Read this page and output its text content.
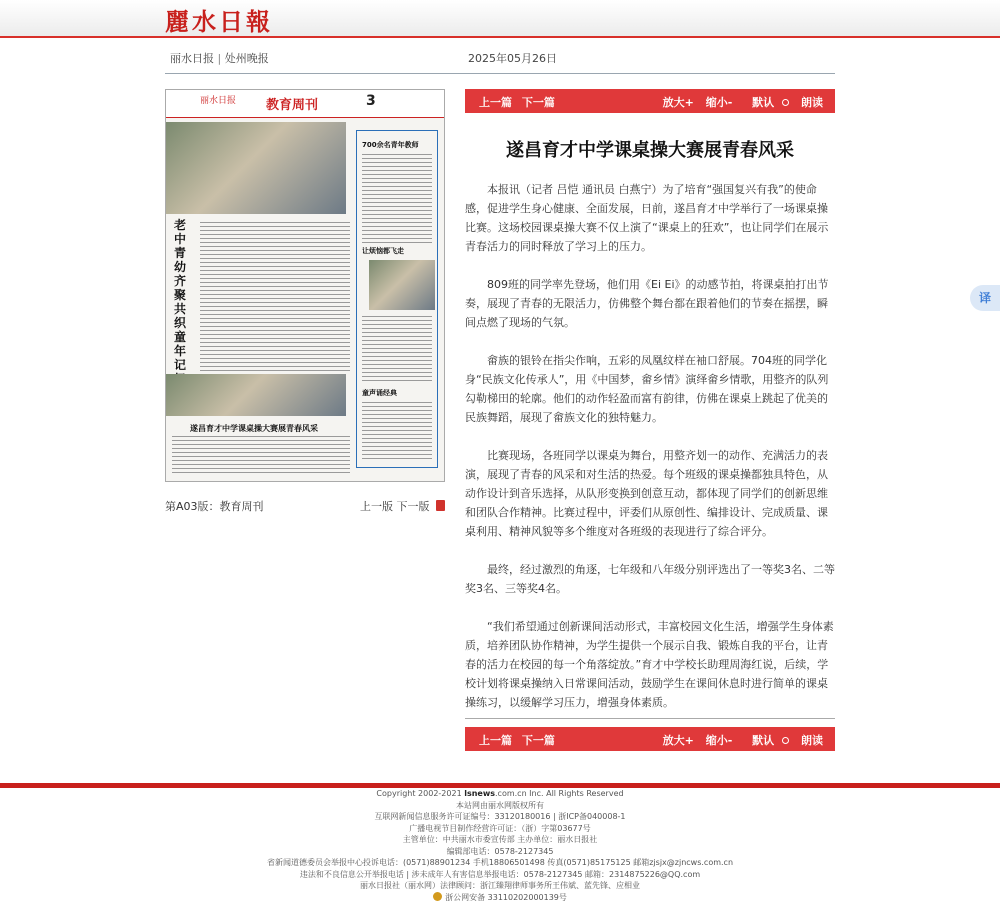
麗水日報
丽水日报 | 处州晚报	2025年05月26日
丽水日报 教育周刊	3
老中青幼齐聚 共织童年记
700余名青年教师
让烦恼都飞走
童声诵经典
遂昌育才中学课桌操大赛展青春风采
第A03版：教育周刊	上一版 下一版
上一篇 下一篇	放大+ 缩小- 默认 朗读
遂昌育才中学课桌操大赛展青春风采

本报讯（记者 吕恺 通讯员 白燕宁）为了培育“强国复兴有我”的使命感，促进学生身心健康、全面发展，日前，遂昌育才中学举行了一场课桌操比赛。这场校园课桌操大赛不仅上演了“课桌上的狂欢”，也让同学们在展示青春活力的同时释放了学习上的压力。

809班的同学率先登场，他们用《Ei Ei》的动感节拍，将课桌拍打出节奏，展现了青春的无限活力，仿佛整个舞台都在跟着他们的节奏在摇摆，瞬间点燃了现场的气氛。

畲族的银铃在指尖作响，五彩的凤凰纹样在袖口舒展。704班的同学化身“民族文化传承人”，用《中国梦，畲乡情》演绎畲乡情歌，用整齐的队列勾勒梯田的轮廓。他们的动作轻盈而富有韵律，仿佛在课桌上跳起了优美的民族舞蹈，展现了畲族文化的独特魅力。

比赛现场，各班同学以课桌为舞台，用整齐划一的动作、充满活力的表演，展现了青春的风采和对生活的热爱。每个班级的课桌操都独具特色，从动作设计到音乐选择，从队形变换到创意互动，都体现了同学们的创新思维和团队合作精神。比赛过程中，评委们从原创性、编排设计、完成质量、课桌利用、精神风貌等多个维度对各班级的表现进行了综合评分。

最终，经过激烈的角逐，七年级和八年级分别评选出了一等奖3名、二等奖3名、三等奖4名。

“我们希望通过创新课间活动形式，丰富校园文化生活，增强学生身体素质，培养团队协作精神，为学生提供一个展示自我、锻炼自我的平台，让青春的活力在校园的每一个角落绽放。”育才中学校长助理周海红说，后续，学校计划将课桌操纳入日常课间活动，鼓励学生在课间休息时进行简单的课桌操练习，以缓解学习压力，增强身体素质。

上一篇 下一篇	放大+ 缩小- 默认 朗读
译
Copyright 2002-2021 lsnews.com.cn Inc. All Rights Reserved
本站网由丽水网版权所有
互联网新闻信息服务许可证编号：33120180016 | 浙ICP备040008-1
广播电视节目制作经营许可证：（浙）字第03677号
主管单位：中共丽水市委宣传部 主办单位：丽水日报社
编辑部电话：0578-2127345
省新闻道德委员会举报中心投诉电话：(0571)88901234 手机18806501498 传真(0571)85175125 邮箱zjsjx@zjncws.com.cn
违法和不良信息公开举报电话 | 涉未成年人有害信息举报电话：0578-2127345 邮箱：2314875226@QQ.com
丽水日报社（丽水网）法律顾问：浙江臻翔律师事务所王伟斌、蓝先锋、应相业
浙公网安备 33110202000139号
